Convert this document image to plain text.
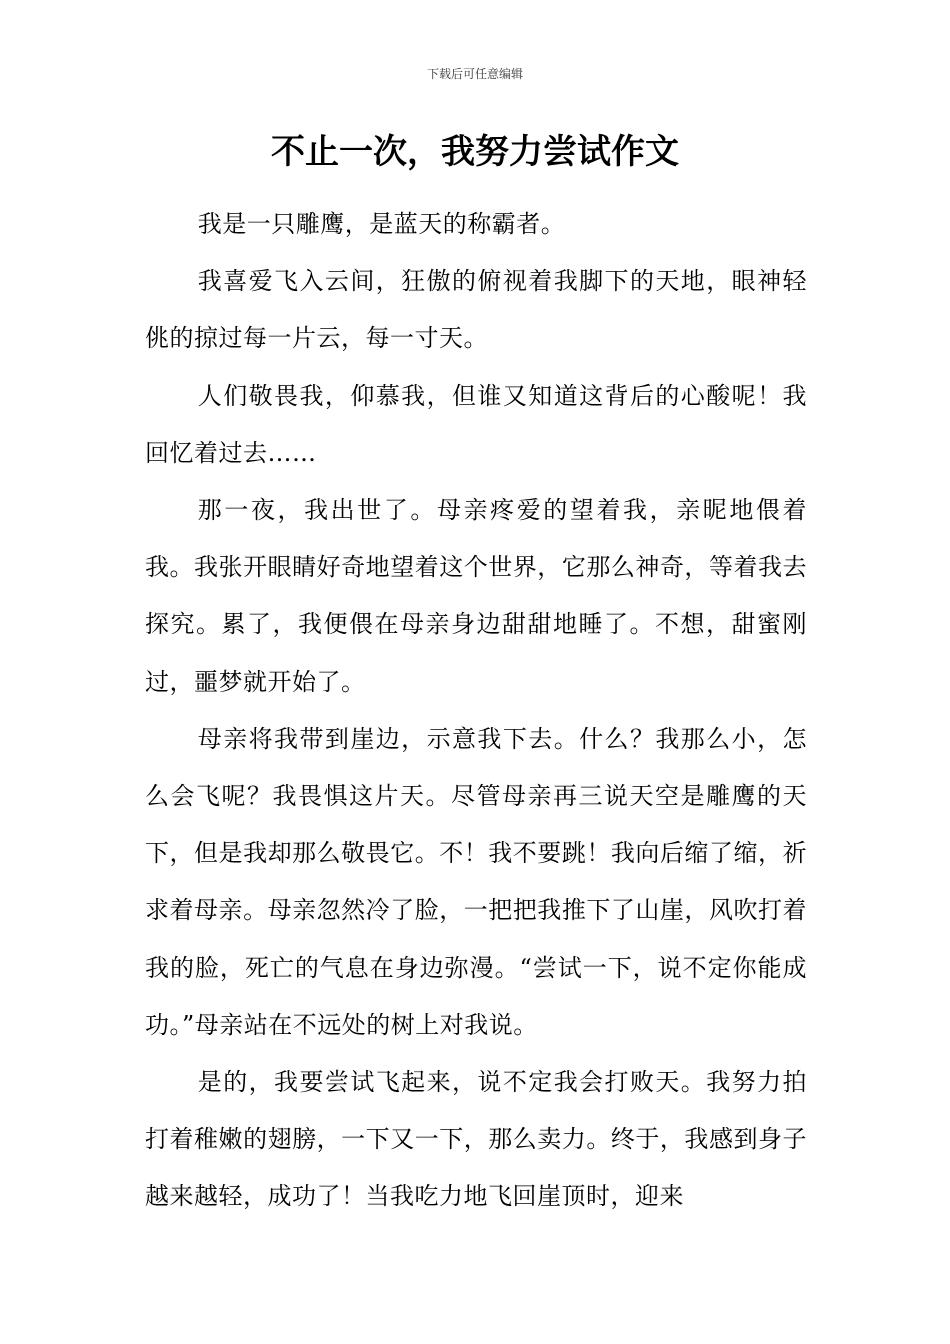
下载后可任意编辑
不止一次，我努力尝试作文

我是一只雕鹰，是蓝天的称霸者。

我喜爱飞入云间，狂傲的俯视着我脚下的天地，眼神轻佻的掠过每一片云，每一寸天。

人们敬畏我，仰慕我，但谁又知道这背后的心酸呢！我回忆着过去……

那一夜，我出世了。母亲疼爱的望着我，亲昵地偎着我。我张开眼睛好奇地望着这个世界，它那么神奇，等着我去探究。累了，我便偎在母亲身边甜甜地睡了。不想，甜蜜刚过，噩梦就开始了。

母亲将我带到崖边，示意我下去。什么？我那么小，怎么会飞呢？我畏惧这片天。尽管母亲再三说天空是雕鹰的天下，但是我却那么敬畏它。不！我不要跳！我向后缩了缩，祈求着母亲。母亲忽然冷了脸，一把把我推下了山崖，风吹打着我的脸，死亡的气息在身边弥漫。“尝试一下，说不定你能成功。”母亲站在不远处的树上对我说。

是的，我要尝试飞起来，说不定我会打败天。我努力拍打着稚嫩的翅膀，一下又一下，那么卖力。终于，我感到身子越来越轻，成功了！当我吃力地飞回崖顶时，迎来
